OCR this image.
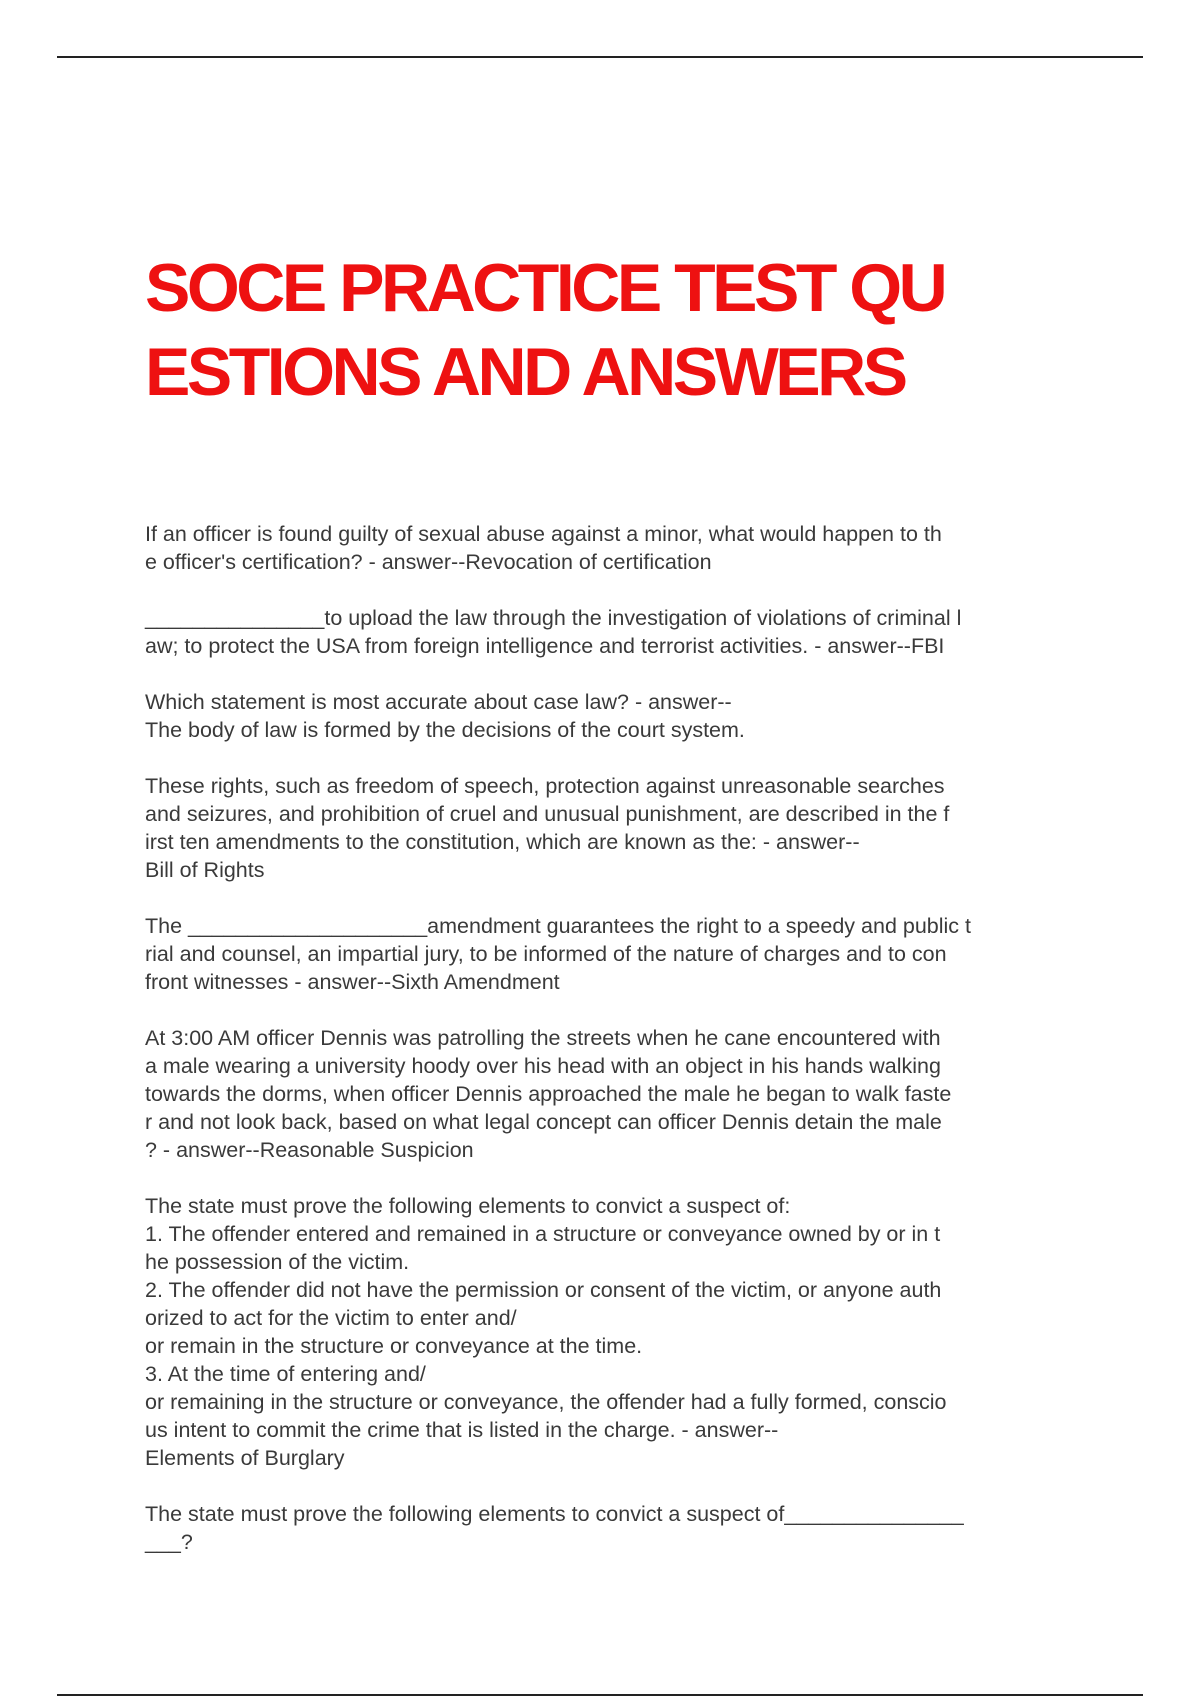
SOCE PRACTICE TEST QU
ESTIONS AND ANSWERS

If an officer is found guilty of sexual abuse against a minor, what would happen to th
e officer's certification? - answer--Revocation of certification

_______________to upload the law through the investigation of violations of criminal l
aw; to protect the USA from foreign intelligence and terrorist activities. - answer--FBI

Which statement is most accurate about case law? - answer--
The body of law is formed by the decisions of the court system.

These rights, such as freedom of speech, protection against unreasonable searches
and seizures, and prohibition of cruel and unusual punishment, are described in the f
irst ten amendments to the constitution, which are known as the: - answer--
Bill of Rights

The ____________________amendment guarantees the right to a speedy and public t
rial and counsel, an impartial jury, to be informed of the nature of charges and to con
front witnesses - answer--Sixth Amendment

At 3:00 AM officer Dennis was patrolling the streets when he cane encountered with
a male wearing a university hoody over his head with an object in his hands walking
towards the dorms, when officer Dennis approached the male he began to walk faste
r and not look back, based on what legal concept can officer Dennis detain the male
? - answer--Reasonable Suspicion

The state must prove the following elements to convict a suspect of:
1. The offender entered and remained in a structure or conveyance owned by or in t
he possession of the victim.
2. The offender did not have the permission or consent of the victim, or anyone auth
orized to act for the victim to enter and/
or remain in the structure or conveyance at the time.
3. At the time of entering and/
or remaining in the structure or conveyance, the offender had a fully formed, conscio
us intent to commit the crime that is listed in the charge. - answer--
Elements of Burglary

The state must prove the following elements to convict a suspect of_______________
___?
